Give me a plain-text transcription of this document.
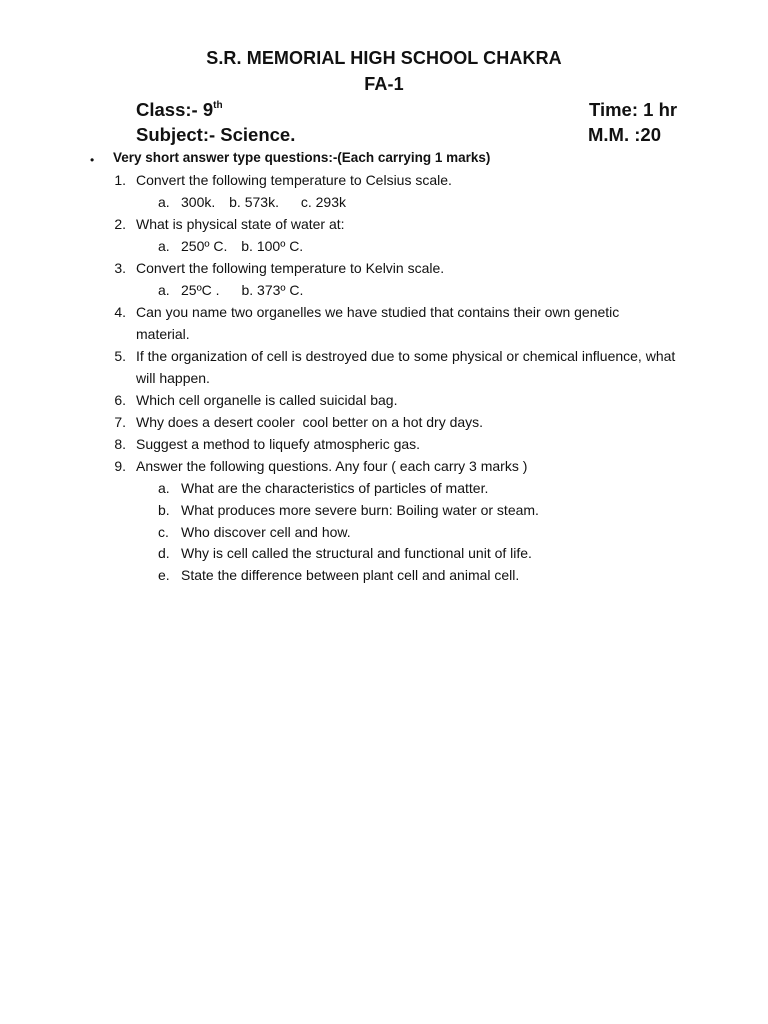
S.R. MEMORIAL HIGH SCHOOL CHAKRA
FA-1
Class:- 9th	Time: 1 hr
Subject:- Science.	M.M. :20
• Very short answer type questions:-(Each carrying 1 marks)
1. Convert the following temperature to Celsius scale.
a. 300k. b. 573k. c. 293k
2. What is physical state of water at:
a. 250º C. b. 100º C.
3. Convert the following temperature to Kelvin scale.
a. 25ºC . b. 373º C.
4. Can you name two organelles we have studied that contains their own genetic material.
5. If the organization of cell is destroyed due to some physical or chemical influence, what will happen.
6. Which cell organelle is called suicidal bag.
7. Why does a desert cooler  cool better on a hot dry days.
8. Suggest a method to liquefy atmospheric gas.
9. Answer the following questions. Any four ( each carry 3 marks )
a. What are the characteristics of particles of matter.
b. What produces more severe burn: Boiling water or steam.
c. Who discover cell and how.
d. Why is cell called the structural and functional unit of life.
e. State the difference between plant cell and animal cell.
